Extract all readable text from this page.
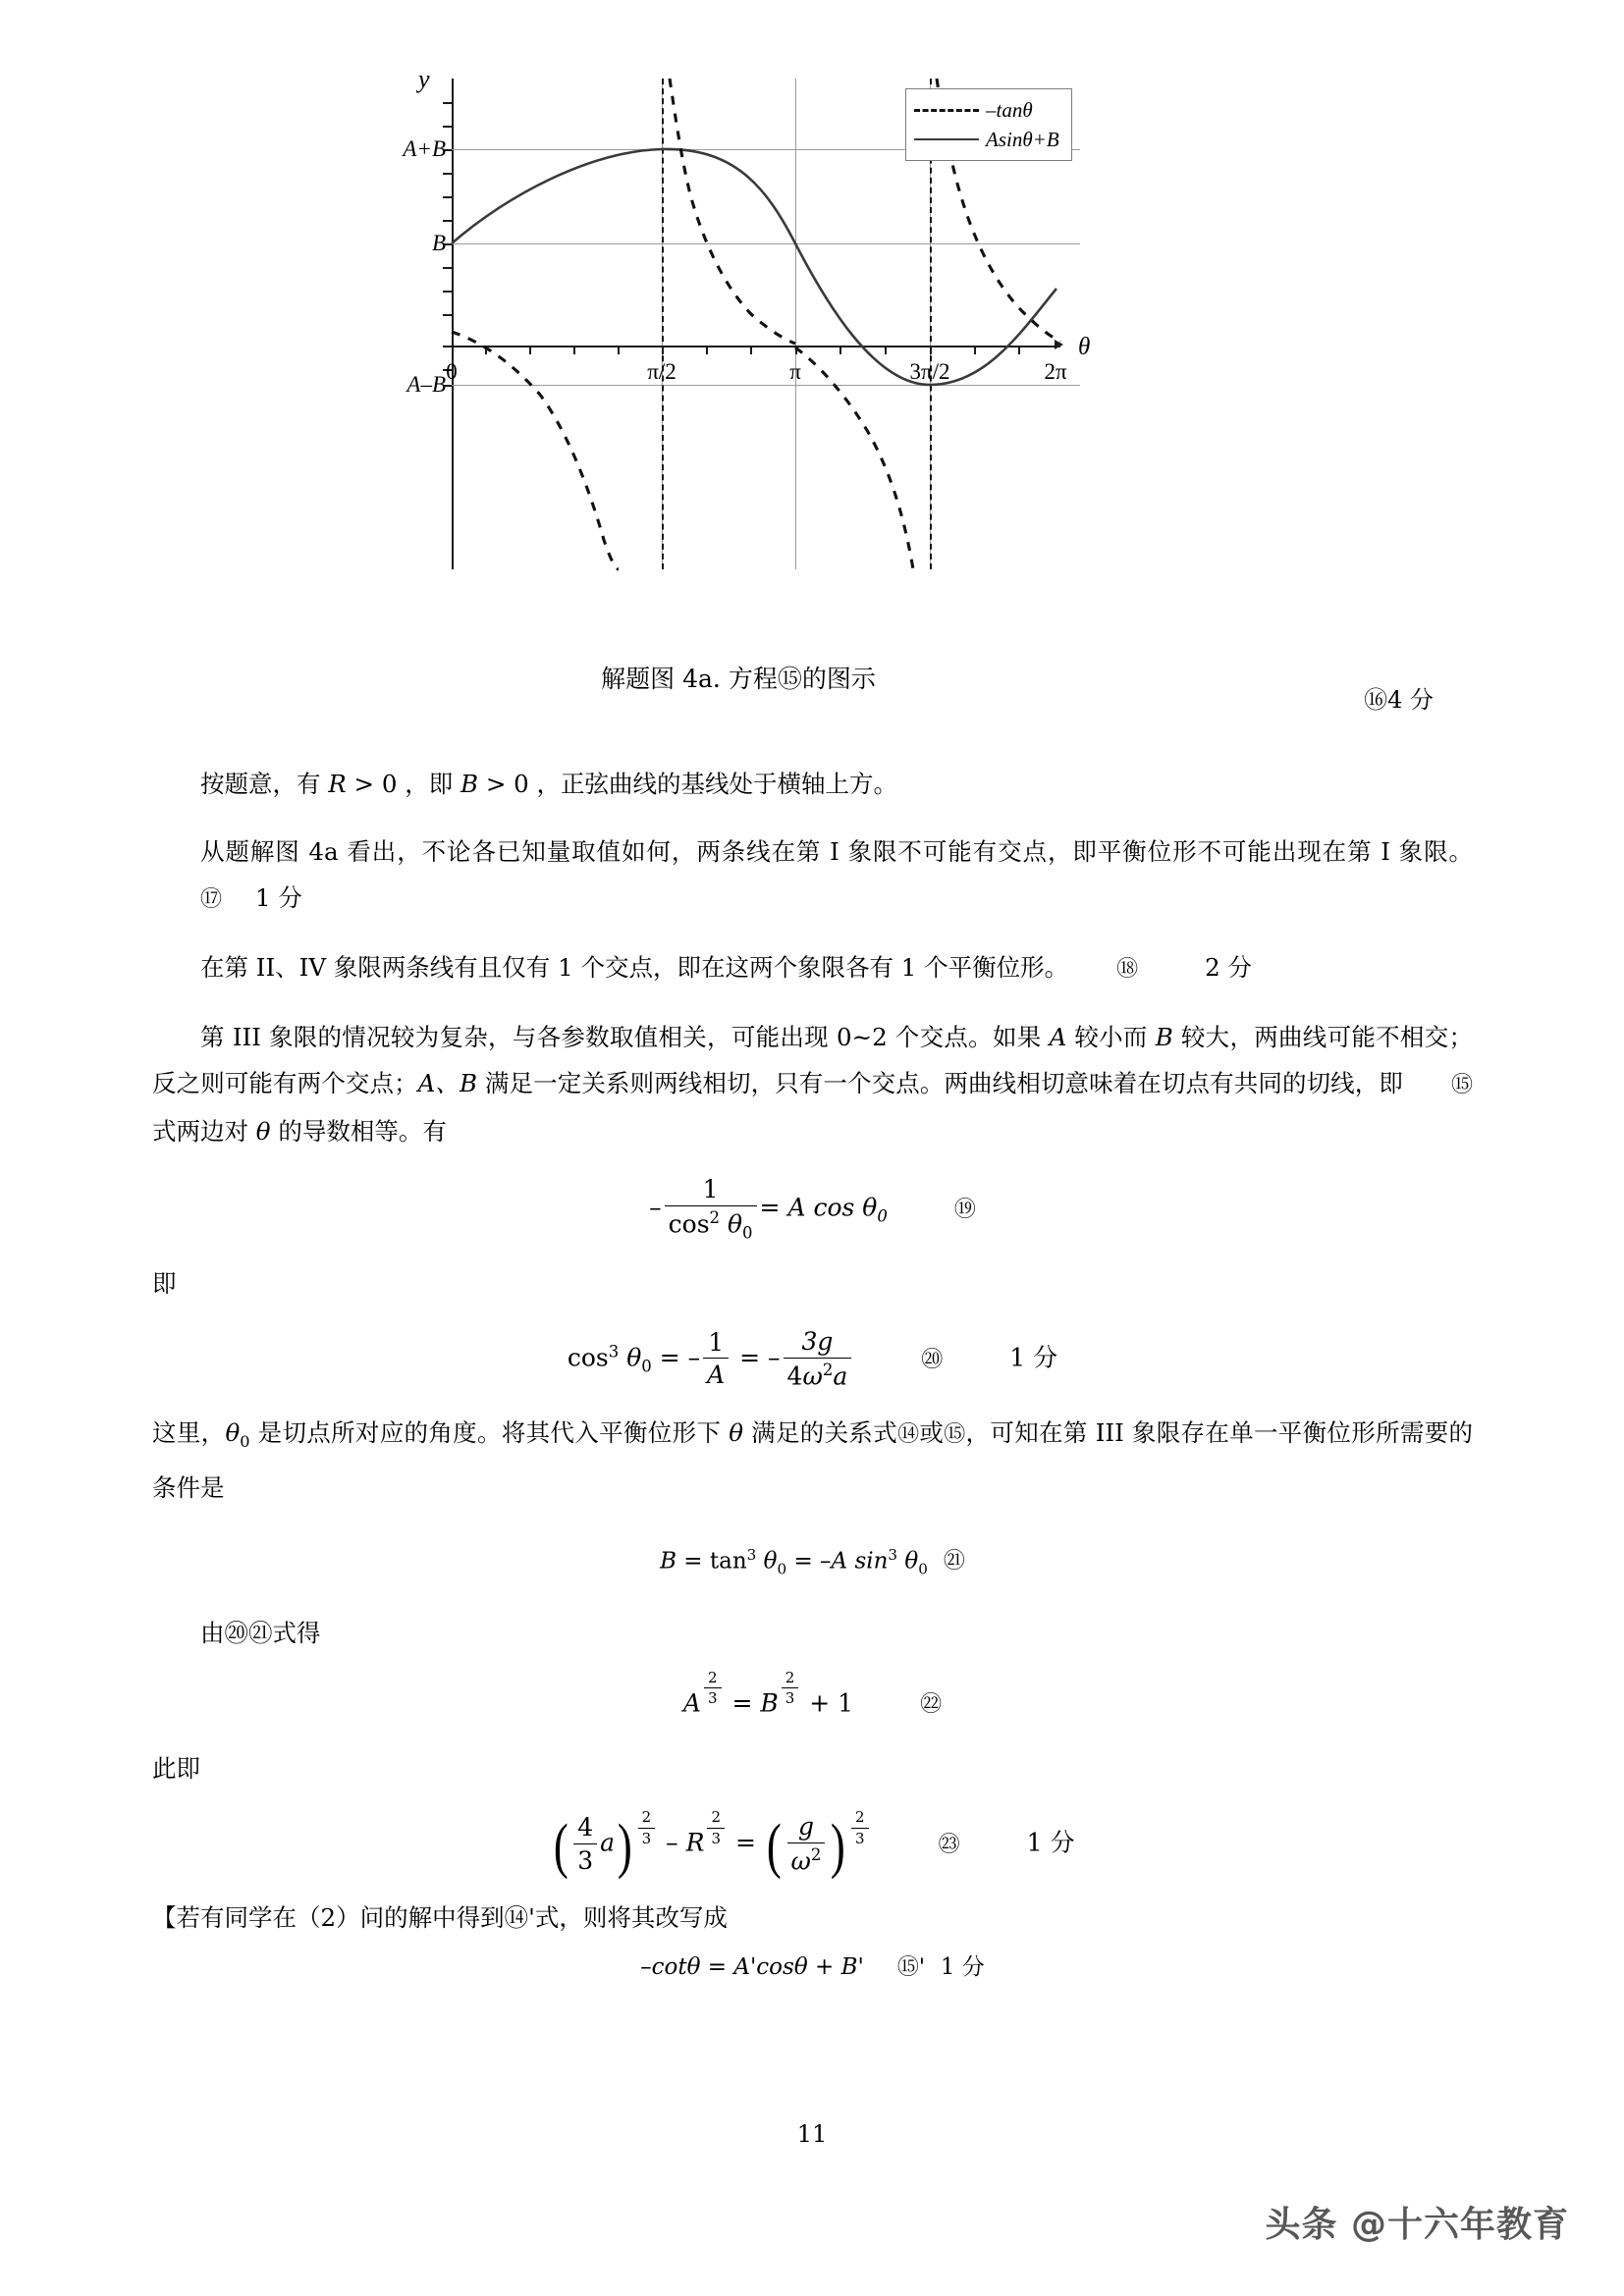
y
θ
A+B
B
A–B
0	π/2	π	3π/2	2π
–tanθ
Asinθ+B
解题图 4a. 方程⑮的图示
⑯4 分

按题意，有 R > 0 ，即 B > 0 ，正弦曲线的基线处于横轴上方。

从题解图 4a 看出，不论各已知量取值如何，两条线在第 I 象限不可能有交点，即平衡位形不可能出现在第 I 象限。⑰ 1 分

在第 II、IV 象限两条线有且仅有 1 个交点，即在这两个象限各有 1 个平衡位形。 ⑱	2 分

第 III 象限的情况较为复杂，与各参数取值相关，可能出现 0~2 个交点。如果 A 较小而 B 较大，两曲线可能不相交；反之则可能有两个交点；A、B 满足一定关系则两线相切，只有一个交点。两曲线相切意味着在切点有共同的切线，即 ⑮式两边对 θ 的导数相等。有

– $\frac{1}{\cos^2 \theta_0} = A$ $\cos \theta_0$	⑲

即

$\cos^3 \theta_0$ = – $\frac{1}{A}$ = – $\frac{3g}{4\omega^2a}$	⑳	1 分

这里，$\theta_0$ 是切点所对应的角度。将其代入平衡位形下 θ 满足的关系式⑭或⑮，可知在第 III 象限存在单一平衡位形所需要的条件是

$B = \tan^3 \theta_0 = -A$ $\sin^3 \theta_0$ ㉑

由⑳㉑式得

A $\frac{2}{3} = B \frac{2}{3} + 1$	㉒

此即

( $\frac{4}{3} a) \frac{2}{3}$ – R $\frac{2}{3}$ = ( $\frac{g}{\omega^2}$ ) $\frac{2}{3}$	㉓	1 分

【若有同学在（2）问的解中得到⑭'式，则将其改写成

–cotθ = A'cosθ + B' ⑮' 1 分
11
头条 @十六年教育
